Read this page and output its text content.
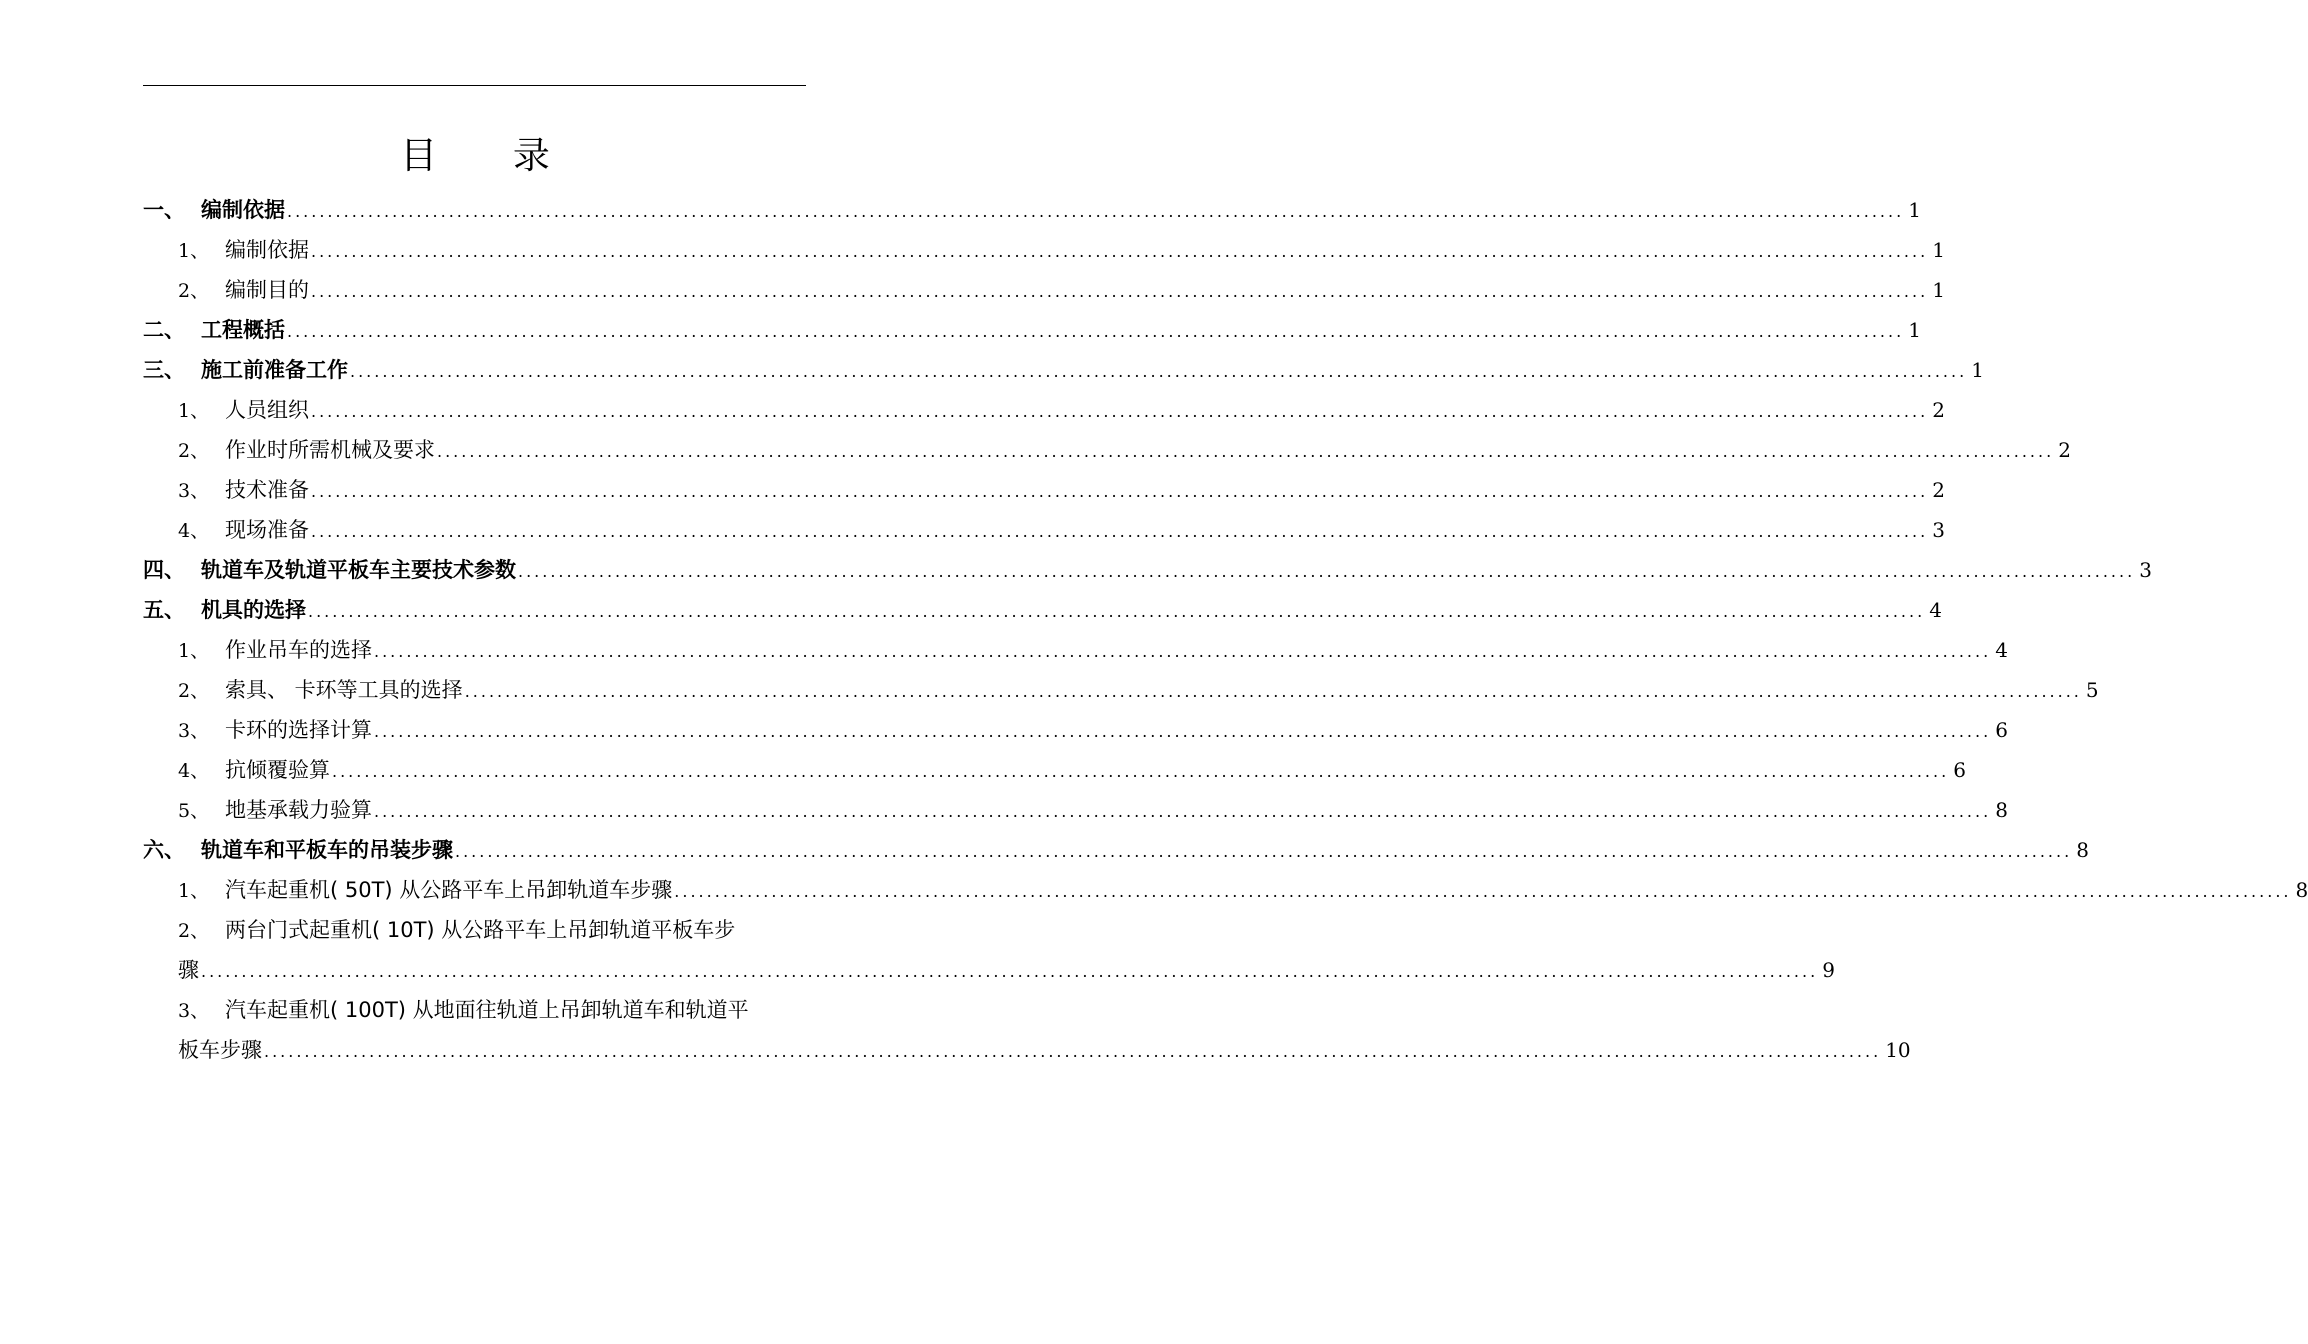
目 录
一、 编制依据 ........................................................................................................................................................................................................ 1
1、 编制依据 ........................................................................................................................................................................................................ 1
2、 编制目的 ........................................................................................................................................................................................................ 1
二、 工程概括 ........................................................................................................................................................................................................ 1
三、 施工前准备工作 ........................................................................................................................................................................................................ 1
1、 人员组织 ........................................................................................................................................................................................................ 2
2、 作业时所需机械及要求 ........................................................................................................................................................................................................ 2
3、 技术准备 ........................................................................................................................................................................................................ 2
4、 现场准备 ........................................................................................................................................................................................................ 3
四、 轨道车及轨道平板车主要技术参数 ........................................................................................................................................................................................................ 3
五、 机具的选择 ........................................................................................................................................................................................................ 4
1、 作业吊车的选择 ........................................................................................................................................................................................................ 4
2、 索具、 卡环等工具的选择 ........................................................................................................................................................................................................ 5
3、 卡环的选择计算 ........................................................................................................................................................................................................ 6
4、 抗倾覆验算 ........................................................................................................................................................................................................ 6
5、 地基承载力验算 ........................................................................................................................................................................................................ 8
六、 轨道车和平板车的吊装步骤 ........................................................................................................................................................................................................ 8
1、 汽车起重机( 50T) 从公路平车上吊卸轨道车步骤 ........................................................................................................................................................................................................ 8
2、 两台门式起重机( 10T) 从公路平车上吊卸轨道平板车步
骤 ........................................................................................................................................................................................................ 9
3、 汽车起重机( 100T) 从地面往轨道上吊卸轨道车和轨道平
板车步骤 ........................................................................................................................................................................................................ 10
